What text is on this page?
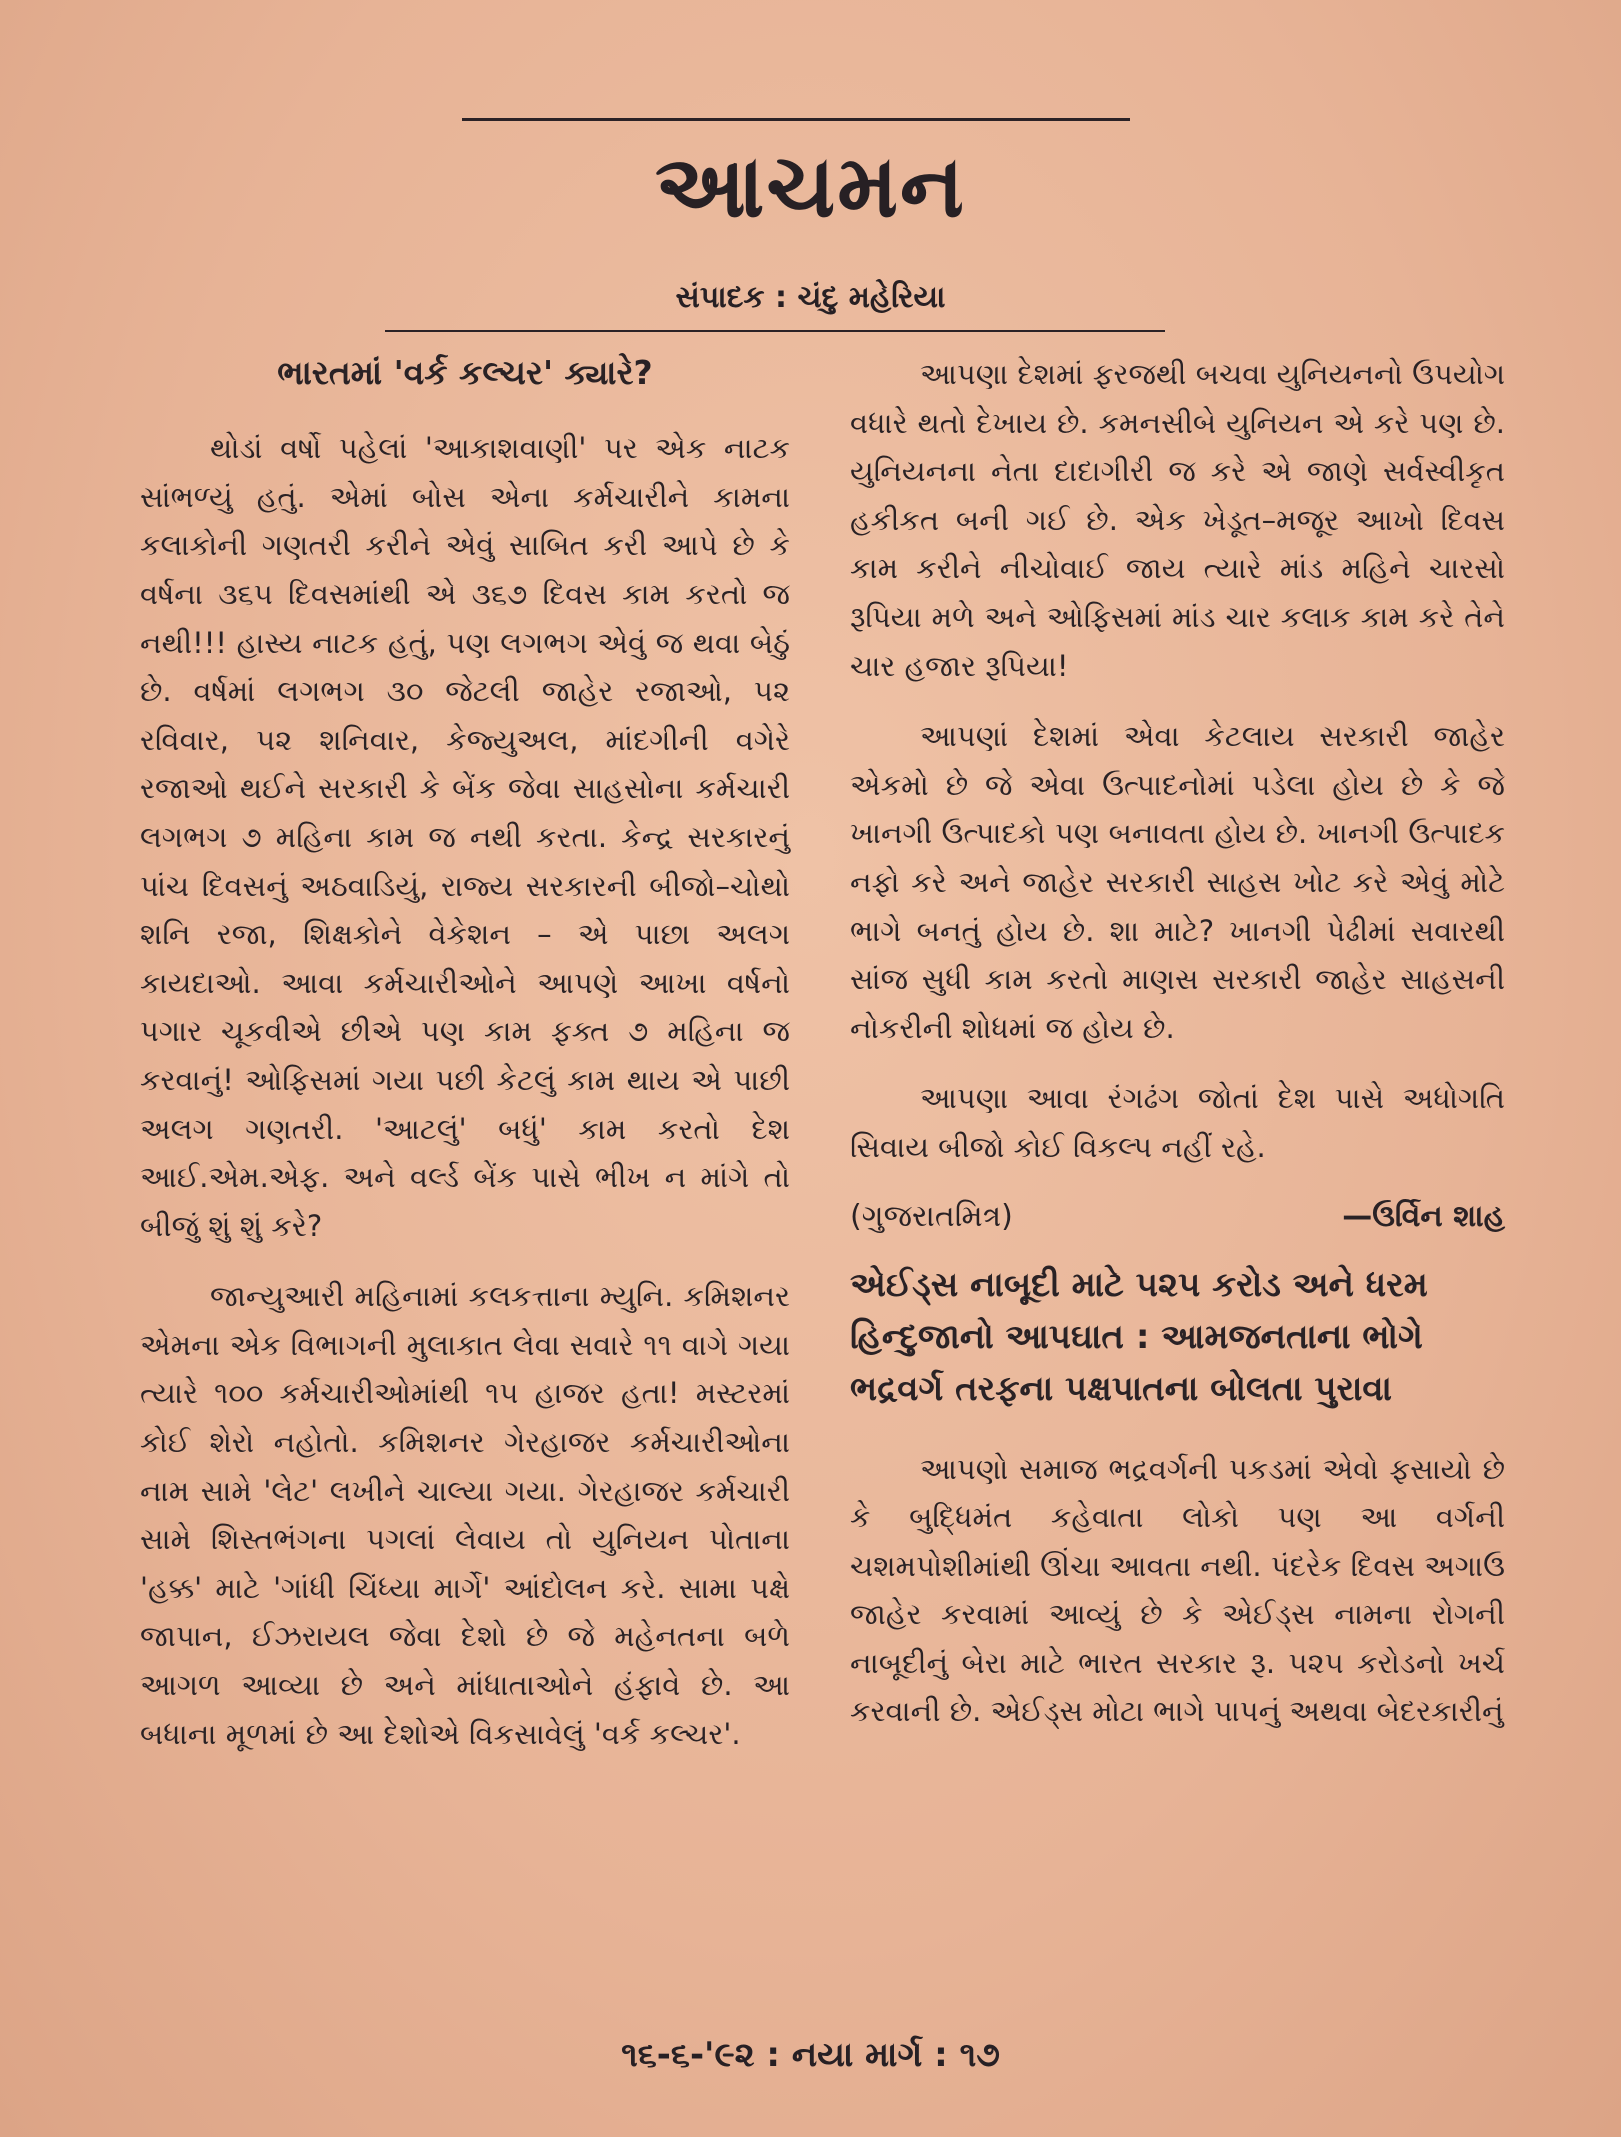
આચમન
સંપાદક : ચંદુ મહેરિયા
ભારતમાં 'વર્ક કલ્ચર' ક્યારે?

થોડાં વર્ષો પહેલાં 'આકાશવાણી' પર એક નાટક સાંભળ્યું હતું. એમાં બોસ એના કર્મચારીને કામના કલાકોની ગણતરી કરીને એવું સાબિત કરી આપે છે કે વર્ષના ૩૬૫ દિવસમાંથી એ ૩૬૭ દિવસ કામ કરતો જ નથી!!! હાસ્ય નાટક હતું, પણ લગભગ એવું જ થવા બેઠું છે. વર્ષમાં લગભગ ૩૦ જેટલી જાહેર રજાઓ, ૫૨ રવિવાર, ૫૨ શનિવાર, કેજ્યુઅલ, માંદગીની વગેરે રજાઓ થઈને સરકારી કે બેંક જેવા સાહસોના કર્મચારી લગભગ ૭ મહિના કામ જ નથી કરતા. કેન્દ્ર સરકારનું પાંચ દિવસનું અઠવાડિયું, રાજ્ય સરકારની બીજો–ચોથો શનિ રજા, શિક્ષકોને વેકેશન – એ પાછા અલગ કાયદાઓ. આવા કર્મચારીઓને આપણે આખા વર્ષનો પગાર ચૂકવીએ છીએ પણ કામ ફક્ત ૭ મહિના જ કરવાનું! ઓફિસમાં ગયા પછી કેટલું કામ થાય એ પાછી અલગ ગણતરી. 'આટલું' બધું' કામ કરતો દેશ આઈ.એમ.એફ. અને વર્લ્ડ બેંક પાસે ભીખ ન માંગે તો બીજું શું શું કરે?

જાન્યુઆરી મહિનામાં કલકત્તાના મ્યુનિ. કમિશનર એમના એક વિભાગની મુલાકાત લેવા સવારે ૧૧ વાગે ગયા ત્યારે ૧૦૦ કર્મચારીઓમાંથી ૧૫ હાજર હતા! મસ્ટરમાં કોઈ શેરો નહોતો. કમિશનર ગેરહાજર કર્મચારીઓના નામ સામે 'લેટ' લખીને ચાલ્યા ગયા. ગેરહાજર કર્મચારી સામે શિસ્તભંગના પગલાં લેવાય તો યુનિયન પોતાના 'હક્ક' માટે 'ગાંધી ચિંધ્યા માર્ગે' આંદોલન કરે. સામા પક્ષે જાપાન, ઈઝરાયલ જેવા દેશો છે જે મહેનતના બળે આગળ આવ્યા છે અને માંધાતાઓને હંફાવે છે. આ બધાના મૂળમાં છે આ દેશોએ વિકસાવેલું 'વર્ક કલ્ચર'.

આપણા દેશમાં ફરજથી બચવા યુનિયનનો ઉપયોગ વધારે થતો દેખાય છે. કમનસીબે યુનિયન એ કરે પણ છે. યુનિયનના નેતા દાદાગીરી જ કરે એ જાણે સર્વસ્વીકૃત હકીકત બની ગઈ છે. એક ખેડૂત–મજૂર આખો દિવસ કામ કરીને નીચોવાઈ જાય ત્યારે માંડ મહિને ચારસો રૂપિયા મળે અને ઓફિસમાં માંડ ચાર કલાક કામ કરે તેને ચાર હજાર રૂપિયા!

આપણાં દેશમાં એવા કેટલાય સરકારી જાહેર એકમો છે જે એવા ઉત્પાદનોમાં પડેલા હોય છે કે જે ખાનગી ઉત્પાદકો પણ બનાવતા હોય છે. ખાનગી ઉત્પાદક નફો કરે અને જાહેર સરકારી સાહસ ખોટ કરે એવું મોટે ભાગે બનતું હોય છે. શા માટે? ખાનગી પેઢીમાં સવારથી સાંજ સુધી કામ કરતો માણસ સરકારી જાહેર સાહસની નોકરીની શોધમાં જ હોય છે.

આપણા આવા રંગઢંગ જોતાં દેશ પાસે અધોગતિ સિવાય બીજો કોઈ વિકલ્પ નહીં રહે.

(ગુજરાતમિત્ર)	—ઉર્વિન શાહ
એઈડ્સ નાબૂદી માટે ૫૨૫ કરોડ અને ધરમ હિન્દુજાનો આપઘાત : આમજનતાના ભોગે ભદ્રવર્ગ તરફના પક્ષપાતના બોલતા પુરાવા

આપણો સમાજ ભદ્રવર્ગની પકડમાં એવો ફસાયો છે કે બુદ્ધિમંત કહેવાતા લોકો પણ આ વર્ગની ચશમપોશીમાંથી ઊંચા આવતા નથી. પંદરેક દિવસ અગાઉ જાહેર કરવામાં આવ્યું છે કે એઈડ્સ નામના રોગની નાબૂદીનું બેરા માટે ભારત સરકાર રૂ. ૫૨૫ કરોડનો ખર્ચ કરવાની છે. એઈડ્સ મોટા ભાગે પાપનું અથવા બેદરકારીનું

૧૬-૬-'૯૨ : નયા માર્ગ : ૧૭
